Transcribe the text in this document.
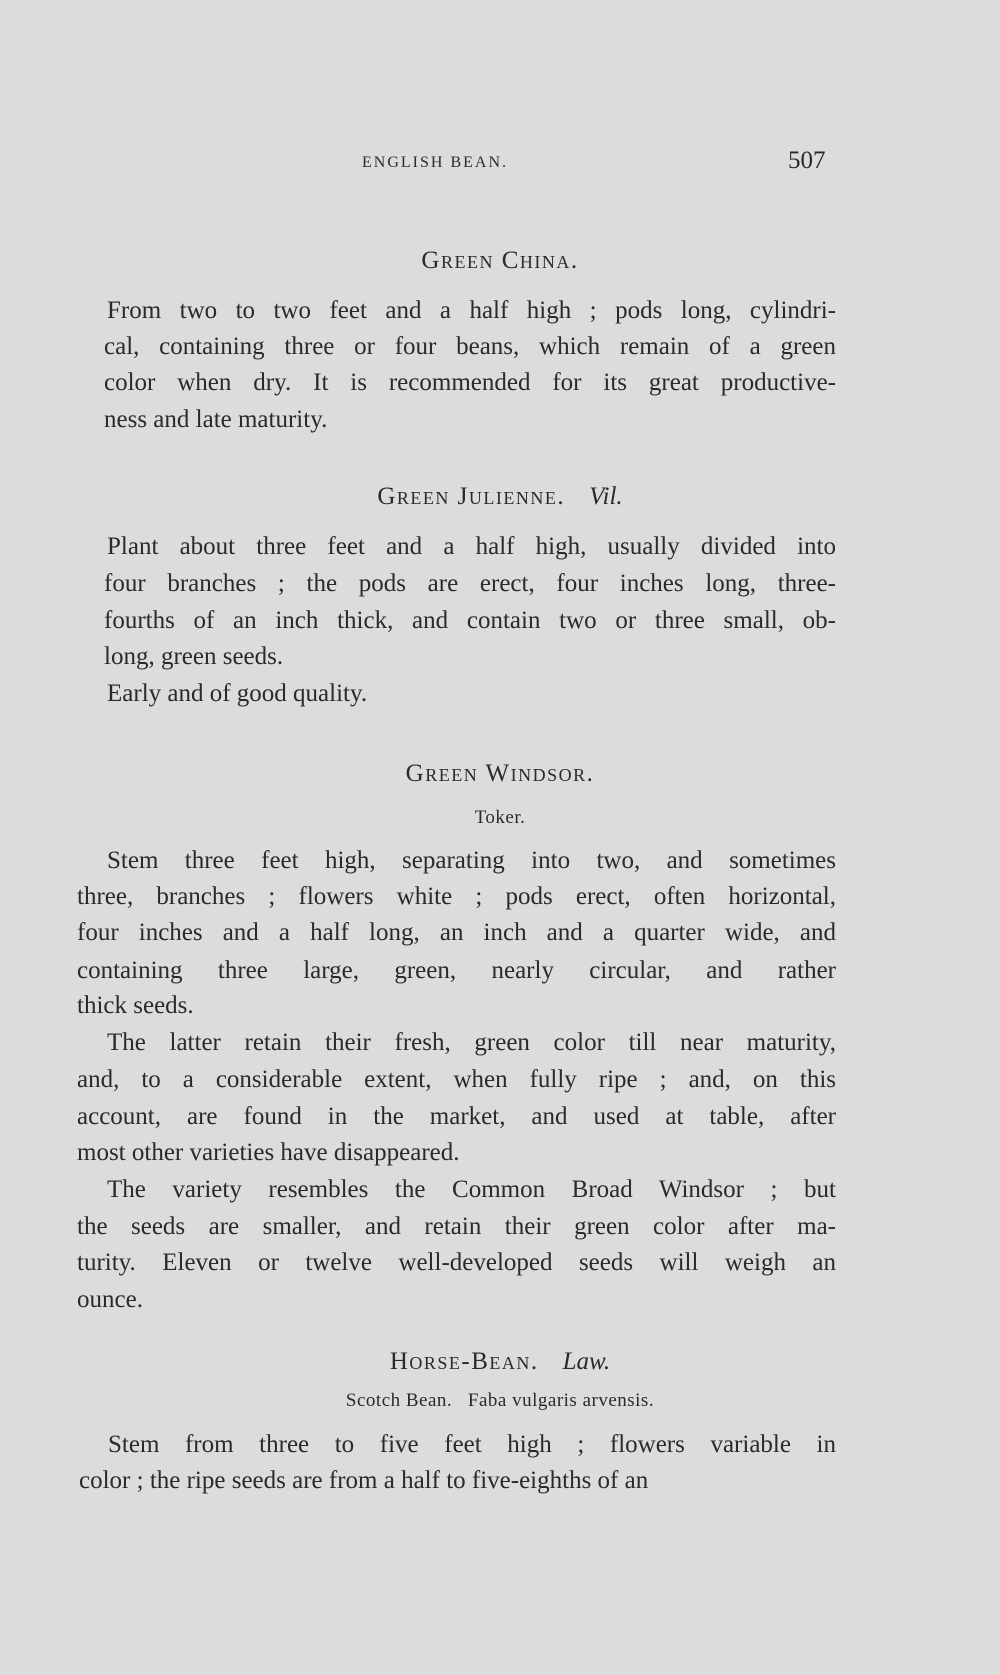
ENGLISH BEAN.	507
Green China.
From two to two feet and a half high ; pods long, cylindri-
cal, containing three or four beans, which remain of a green
color when dry. It is recommended for its great productive-
ness and late maturity.
Green Julienne. Vil.
Plant about three feet and a half high, usually divided into
four branches ; the pods are erect, four inches long, three-
fourths of an inch thick, and contain two or three small, ob-
long, green seeds.
Early and of good quality.
Green Windsor.
Toker.
Stem three feet high, separating into two, and sometimes
three, branches ; flowers white ; pods erect, often horizontal,
four inches and a half long, an inch and a quarter wide, and
containing three large, green, nearly circular, and rather
thick seeds.
The latter retain their fresh, green color till near maturity,
and, to a considerable extent, when fully ripe ; and, on this
account, are found in the market, and used at table, after
most other varieties have disappeared.
The variety resembles the Common Broad Windsor ; but
the seeds are smaller, and retain their green color after ma-
turity. Eleven or twelve well-developed seeds will weigh an
ounce.
Horse-Bean. Law.
Scotch Bean.   Faba vulgaris arvensis.
Stem from three to five feet high ; flowers variable in
color ; the ripe seeds are from a half to five-eighths of an
